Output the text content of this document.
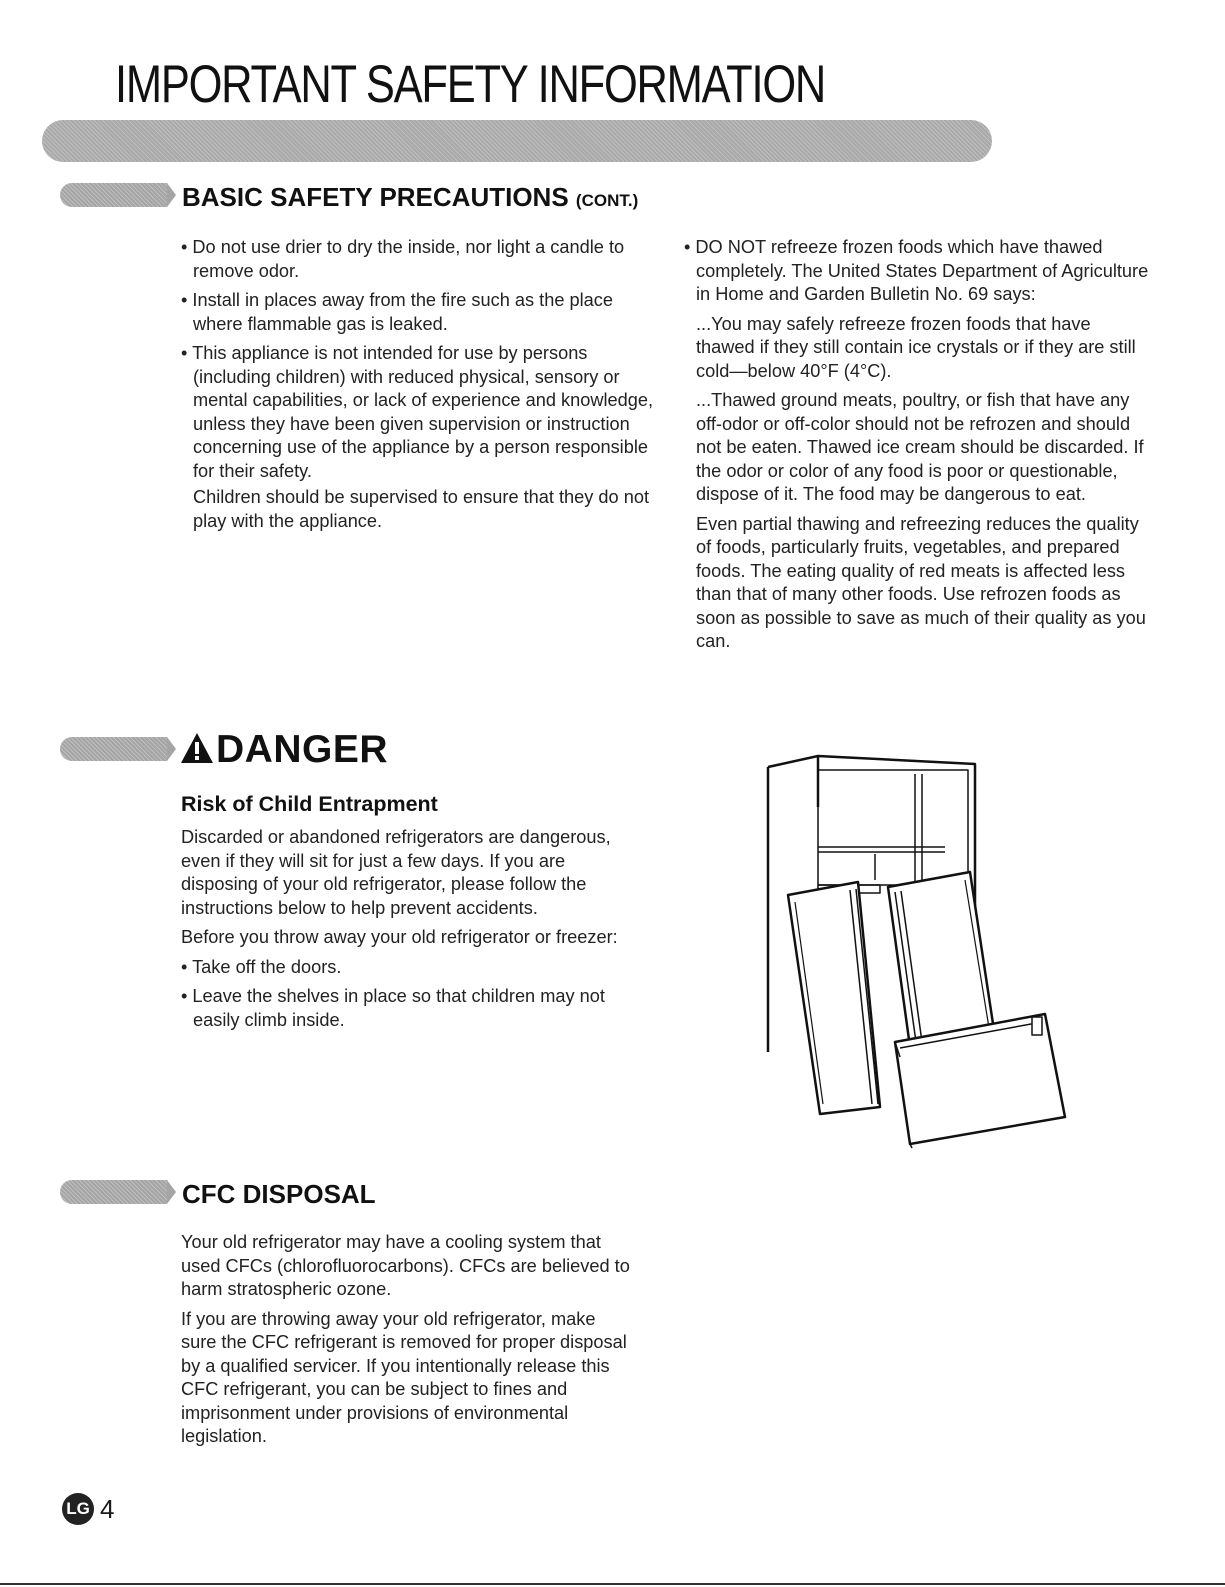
IMPORTANT SAFETY INFORMATION
BASIC SAFETY PRECAUTIONS (CONT.)

• Do not use drier to dry the inside, nor light a candle to remove odor.

• Install in places away from the fire such as the place where flammable gas is leaked.

• This appliance is not intended for use by persons (including children) with reduced physical, sensory or mental capabilities, or lack of experience and knowledge, unless they have been given supervision or instruction concerning use of the appliance by a person responsible for their safety.

Children should be supervised to ensure that they do not play with the appliance.

• DO NOT refreeze frozen foods which have thawed completely. The United States Department of Agriculture in Home and Garden Bulletin No. 69 says:

...You may safely refreeze frozen foods that have thawed if they still contain ice crystals or if they are still cold—below 40°F (4°C).

...Thawed ground meats, poultry, or fish that have any off-odor or off-color should not be refrozen and should not be eaten. Thawed ice cream should be discarded. If the odor or color of any food is poor or questionable, dispose of it. The food may be dangerous to eat.

Even partial thawing and refreezing reduces the quality of foods, particularly fruits, vegetables, and prepared foods. The eating quality of red meats is affected less than that of many other foods. Use refrozen foods as soon as possible to save as much of their quality as you can.

DANGER
Risk of Child Entrapment

Discarded or abandoned refrigerators are dangerous, even if they will sit for just a few days. If you are disposing of your old refrigerator, please follow the instructions below to help prevent accidents.

Before you throw away your old refrigerator or freezer:

• Take off the doors.

• Leave the shelves in place so that children may not easily climb inside.

CFC DISPOSAL

Your old refrigerator may have a cooling system that used CFCs (chlorofluorocarbons). CFCs are believed to harm stratospheric ozone.

If you are throwing away your old refrigerator, make sure the CFC refrigerant is removed for proper disposal by a qualified servicer. If you intentionally release this CFC refrigerant, you can be subject to fines and imprisonment under provisions of environmental legislation.

LG 4
